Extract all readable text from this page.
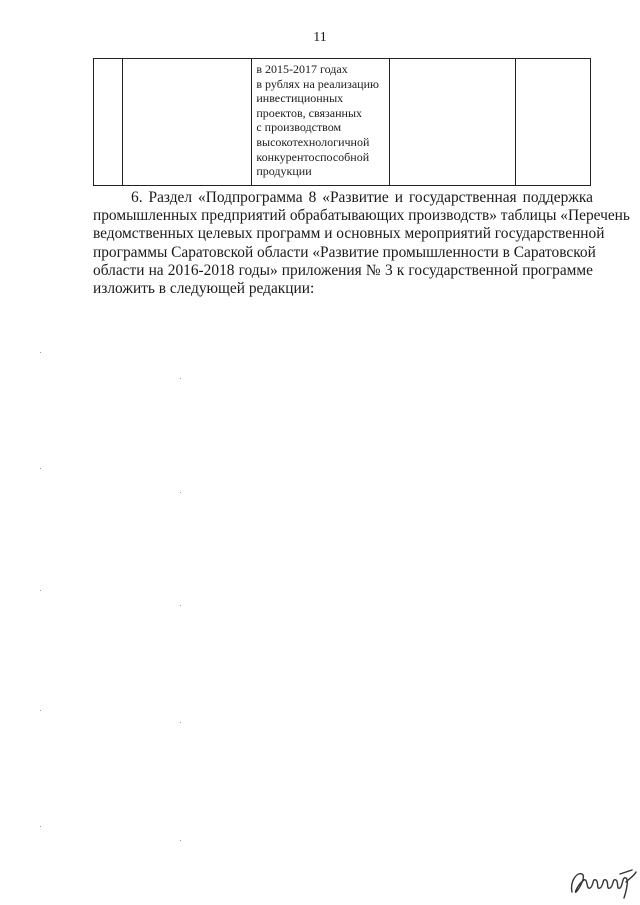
11
в 2015-2017 годах
в рублях на реализацию
инвестиционных
проектов, связанных
с производством
высокотехнологичной
конкурентоспособной
продукции
6. Раздел «Подпрограмма 8 «Развитие и государственная поддержка
промышленных предприятий обрабатывающих производств» таблицы «Перечень
ведомственных целевых программ и основных мероприятий государственной
программы Саратовской области «Развитие промышленности в Саратовской
области на 2016-2018 годы» приложения № 3 к государственной программе
изложить в следующей редакции:
